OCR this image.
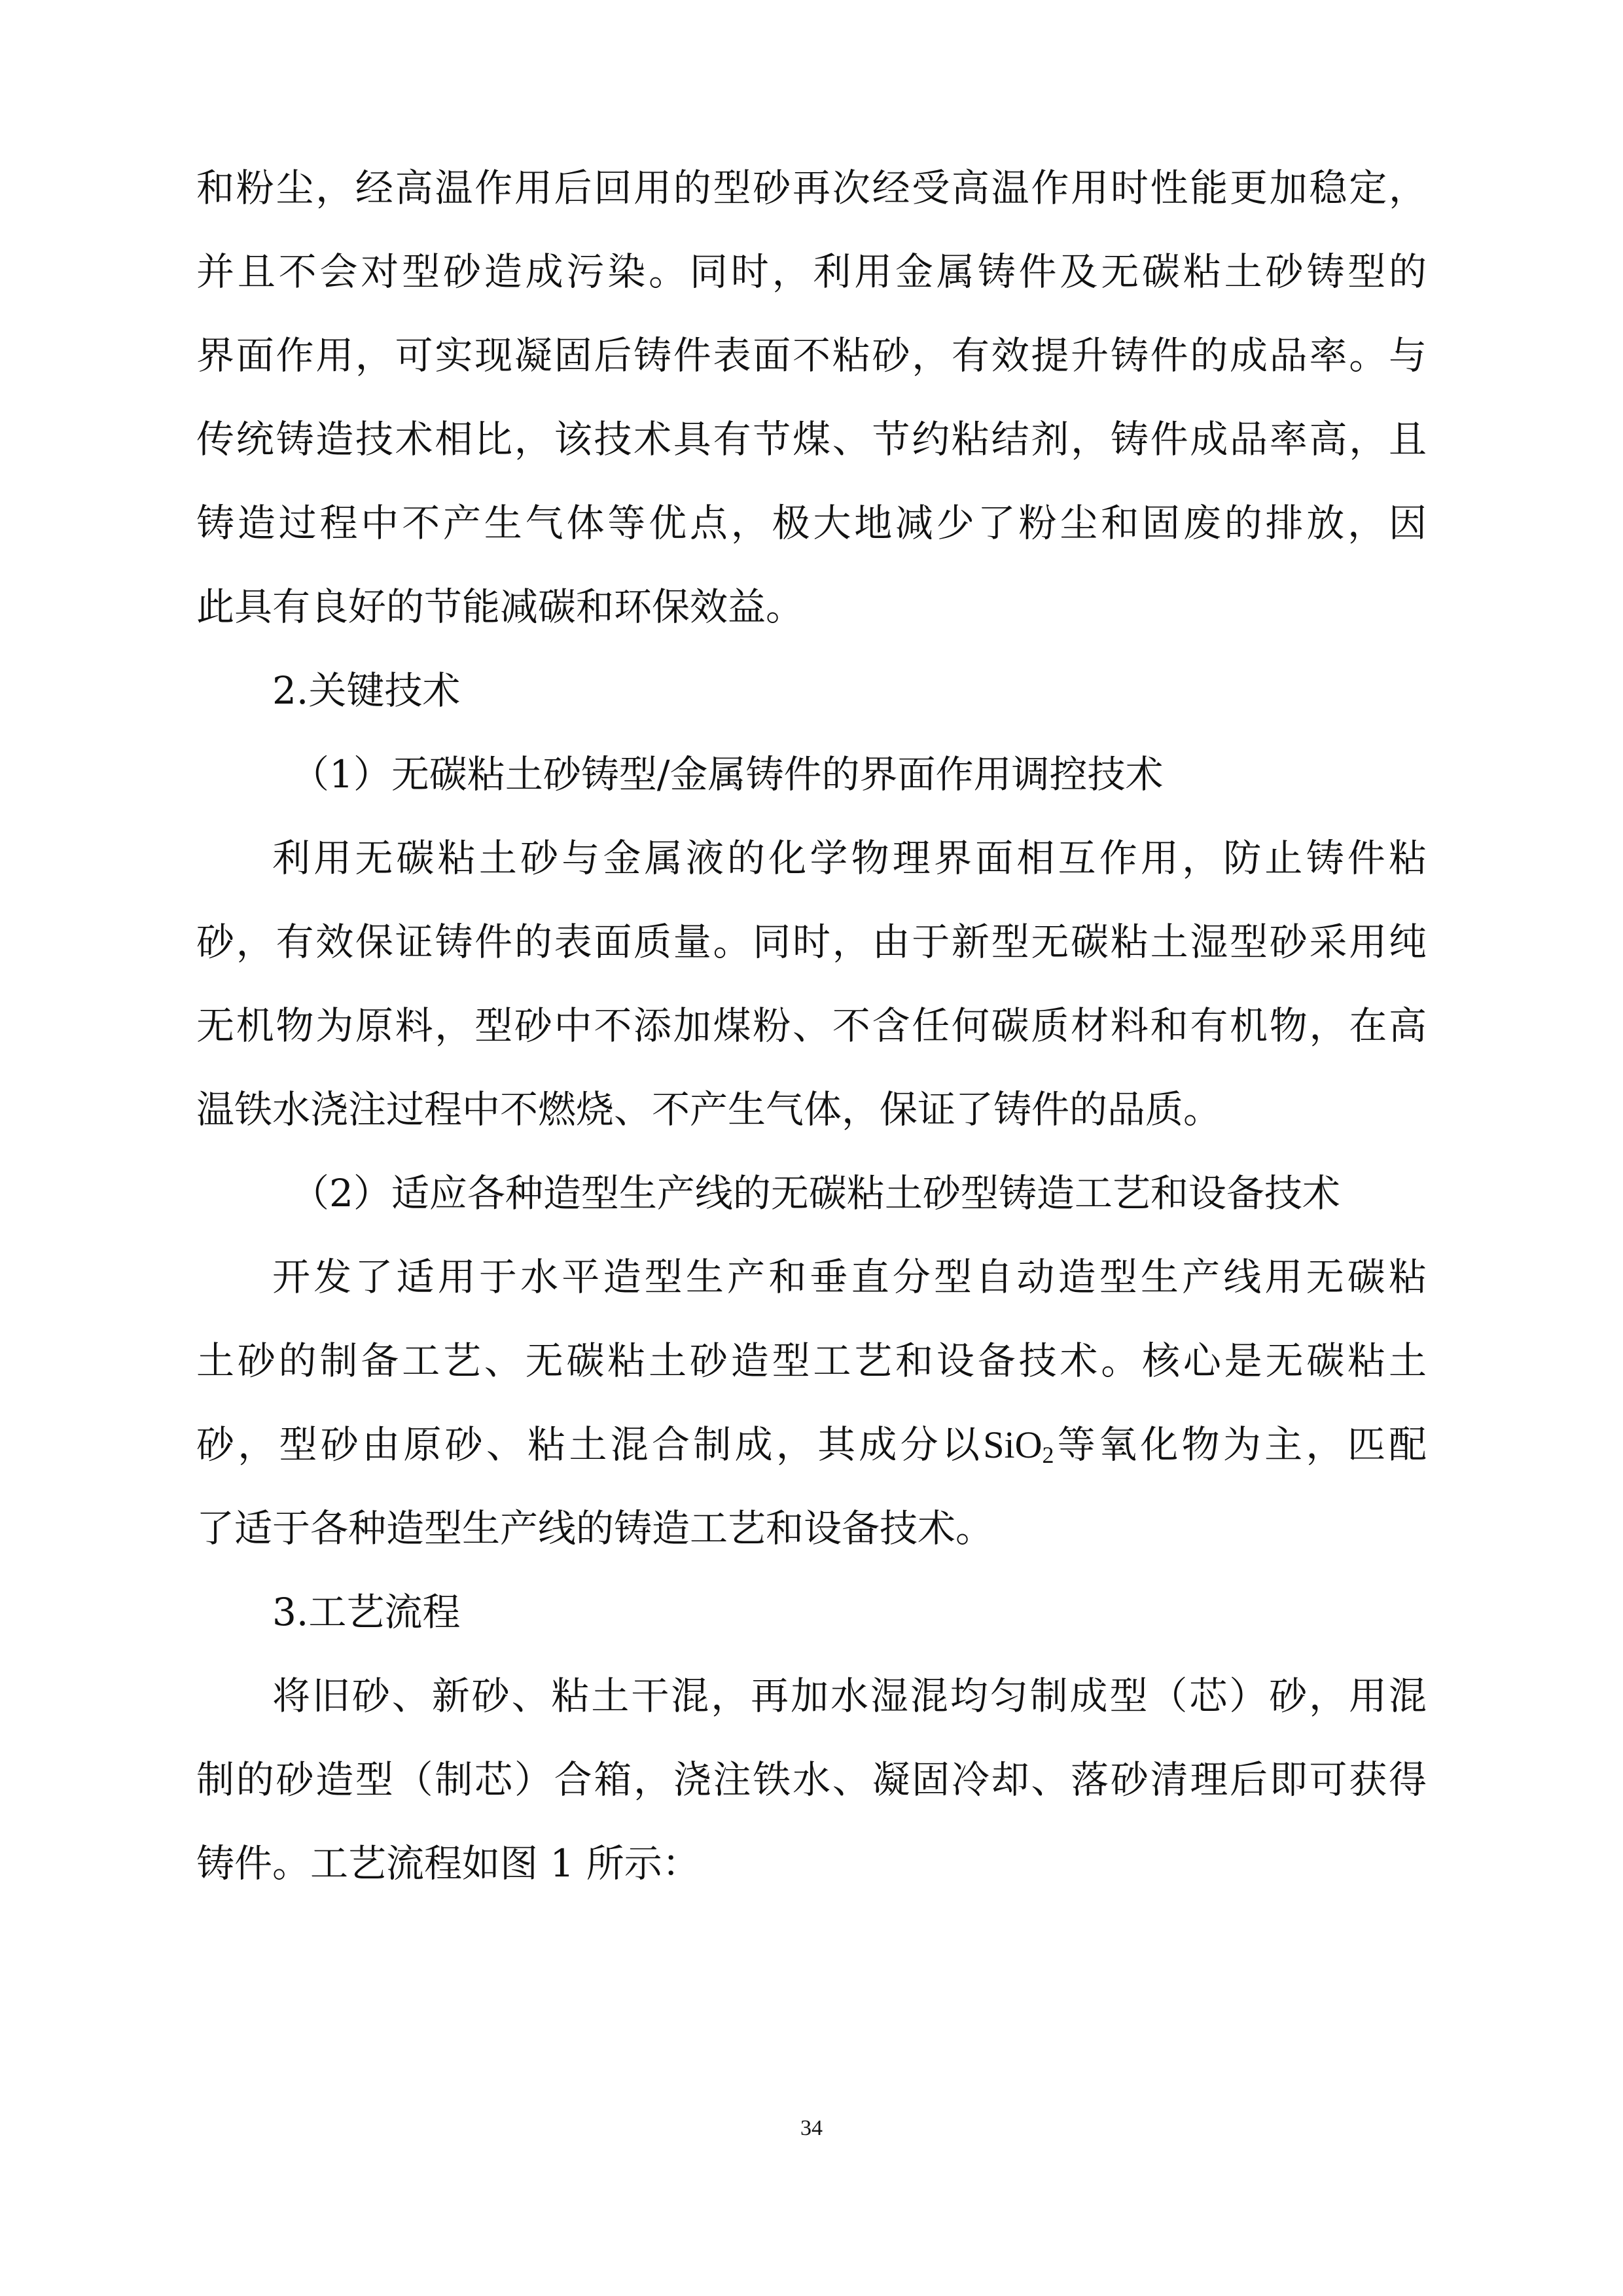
和粉尘，经高温作用后回用的型砂再次经受高温作用时性能更加稳定，
并且不会对型砂造成污染。同时，利用金属铸件及无碳粘土砂铸型的
界面作用，可实现凝固后铸件表面不粘砂，有效提升铸件的成品率。与
传统铸造技术相比，该技术具有节煤、节约粘结剂，铸件成品率高，且
铸造过程中不产生气体等优点，极大地减少了粉尘和固废的排放，因
此具有良好的节能减碳和环保效益。
2.关键技术
（1）无碳粘土砂铸型/金属铸件的界面作用调控技术
利用无碳粘土砂与金属液的化学物理界面相互作用，防止铸件粘
砂，有效保证铸件的表面质量。同时，由于新型无碳粘土湿型砂采用纯
无机物为原料，型砂中不添加煤粉、不含任何碳质材料和有机物，在高
温铁水浇注过程中不燃烧、不产生气体，保证了铸件的品质。
（2）适应各种造型生产线的无碳粘土砂型铸造工艺和设备技术
开发了适用于水平造型生产和垂直分型自动造型生产线用无碳粘
土砂的制备工艺、无碳粘土砂造型工艺和设备技术。核心是无碳粘土
砂，型砂由原砂、粘土混合制成，其成分以SiO$_2$等氧化物为主，匹配
了适于各种造型生产线的铸造工艺和设备技术。
3.工艺流程
将旧砂、新砂、粘土干混，再加水湿混均匀制成型（芯）砂，用混
制的砂造型（制芯）合箱，浇注铁水、凝固冷却、落砂清理后即可获得
铸件。工艺流程如图 1 所示：
34
